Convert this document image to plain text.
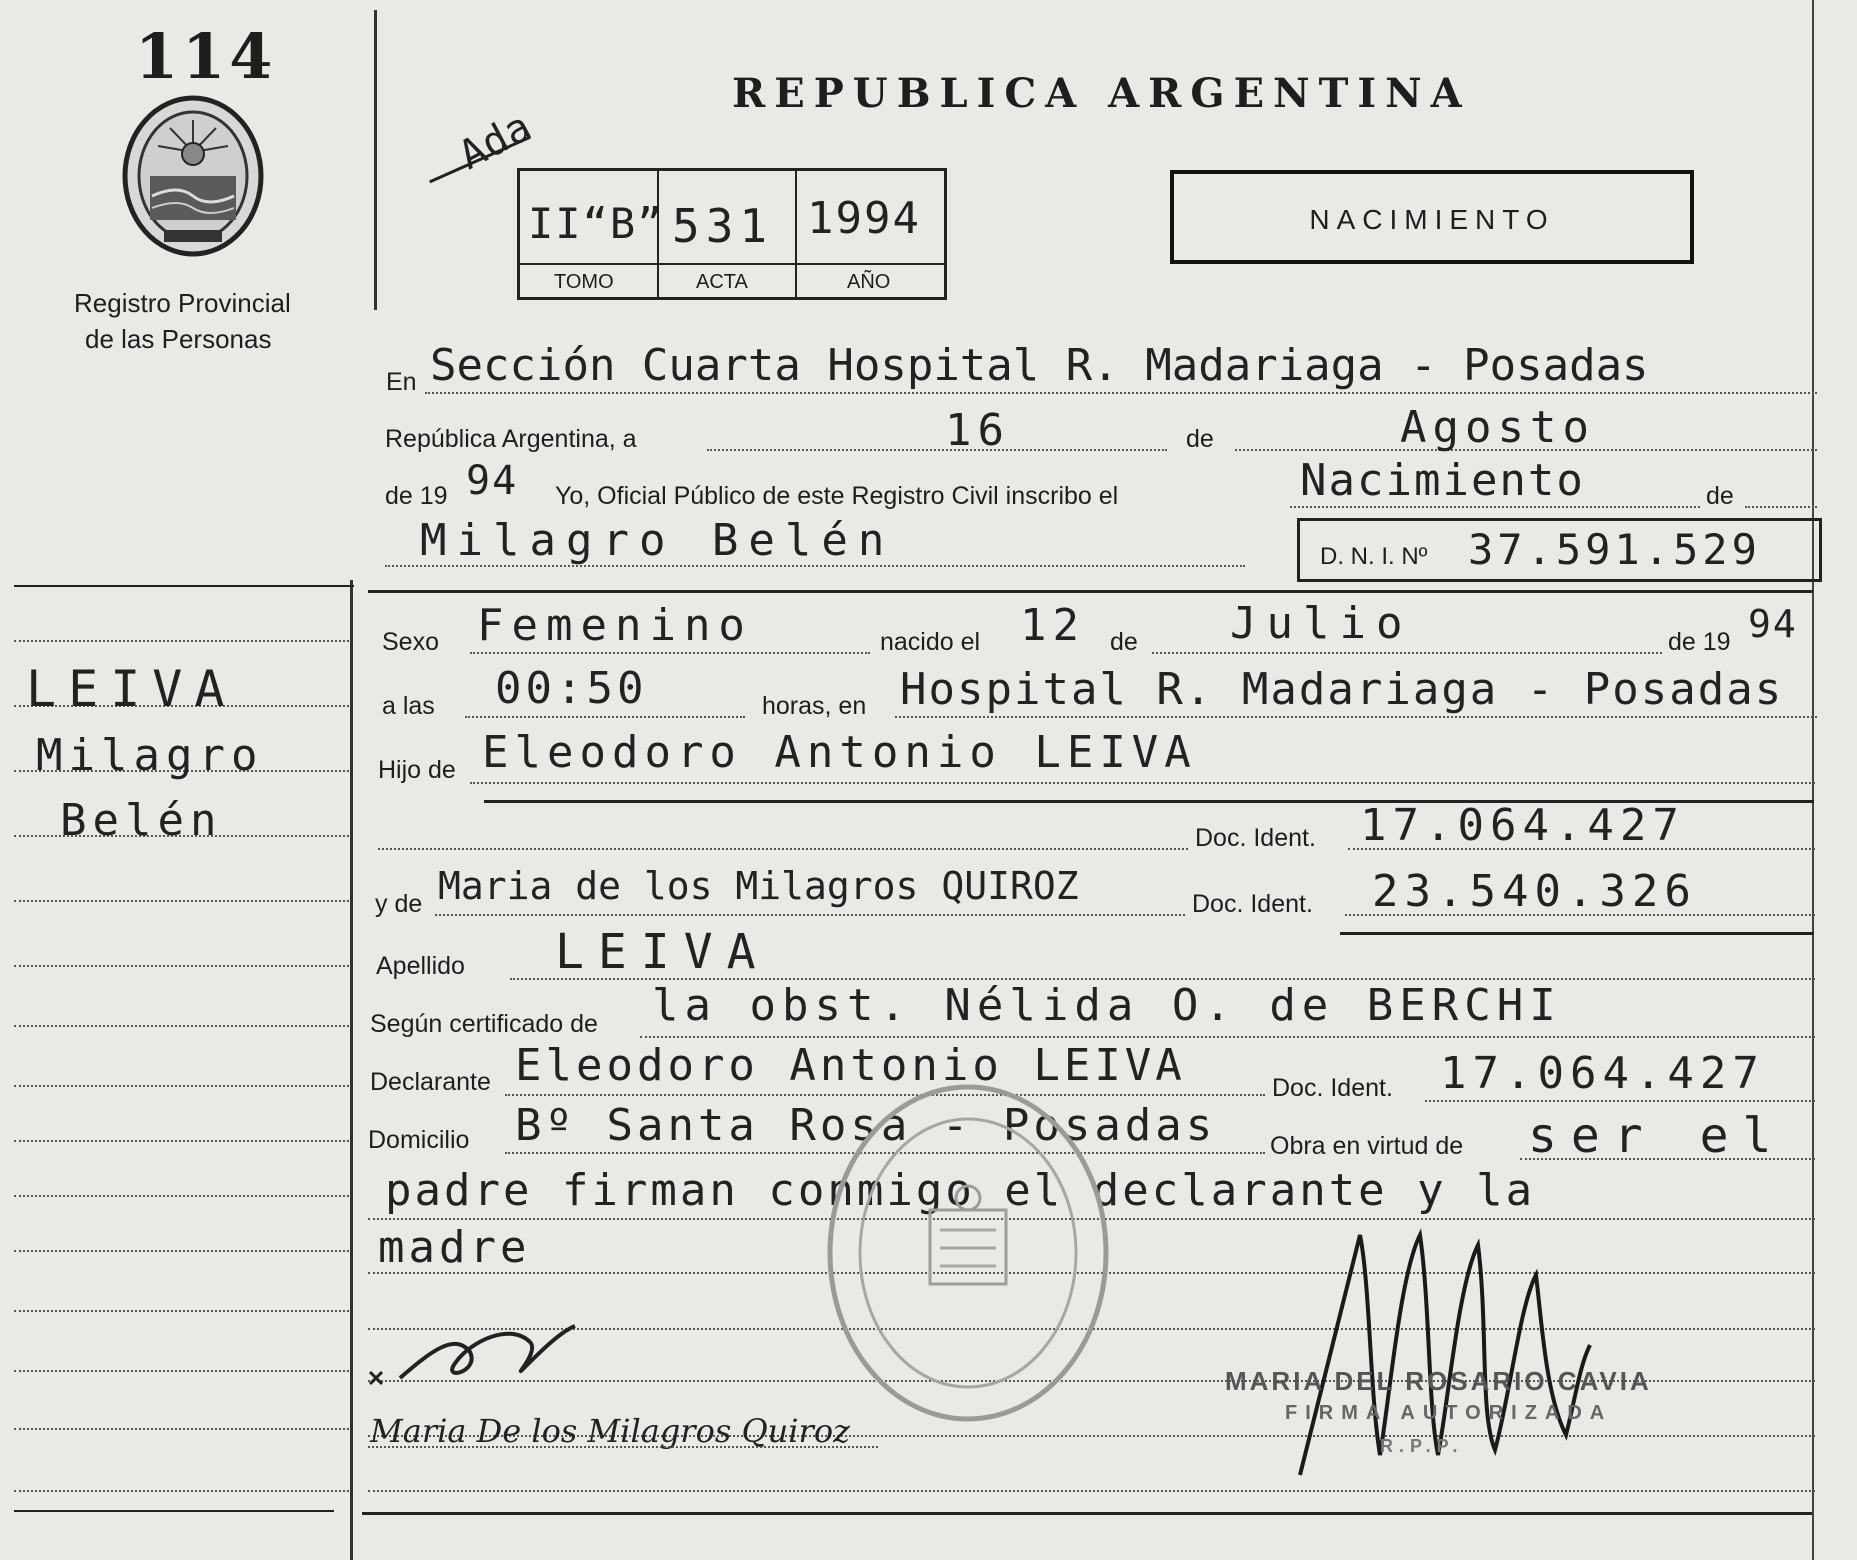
114
Registro Provincial
de las Personas
REPUBLICA ARGENTINA
Ada
II“B” 531 1994
TOMO	ACTA	AÑO
NACIMIENTO
LEIVA
Milagro
Belén
En Sección Cuarta Hospital R. Madariaga - Posadas
República Argentina, a	16	de	Agosto
de 19 94 Yo, Oficial Público de este Registro Civil inscribo el	Nacimiento	de
Milagro Belén	D. N. I. Nº 37.591.529
Sexo Femenino	nacido el 12 de Julio	de 19 94
a las 00:50	horas, en Hospital R. Madariaga - Posadas
Hijo de Eleodoro Antonio LEIVA
Doc. Ident. 17.064.427
y de Maria de los Milagros QUIROZ	Doc. Ident. 23.540.326
Apellido LEIVA
Según certificado de la obst. Nélida O. de BERCHI
Declarante Eleodoro Antonio LEIVA	Doc. Ident. 17.064.427
Domicilio Bº Santa Rosa - Posadas Obra en virtud de ser el
padre firman conmigo el declarante y la
madre
Maria De los Milagros Quiroz
MARIA DEL ROSARIO CAVIA
FIRMA AUTORIZADA
R.P.P.
